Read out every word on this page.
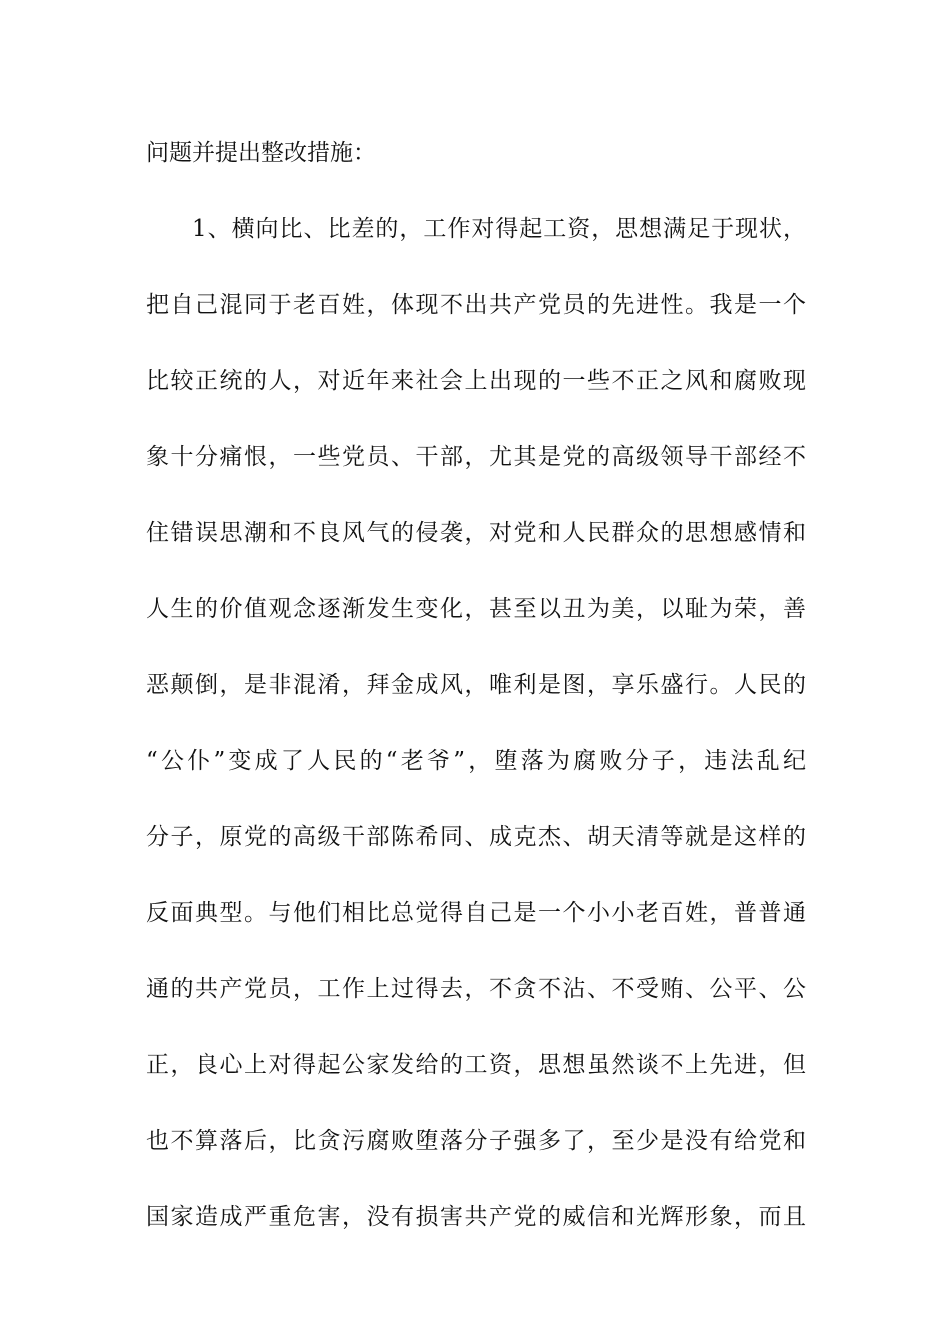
问题并提出整改措施：
1、横向比、比差的，工作对得起工资，思想满足于现状，
把自己混同于老百姓，体现不出共产党员的先进性。我是一个
比较正统的人，对近年来社会上出现的一些不正之风和腐败现
象十分痛恨，一些党员、干部，尤其是党的高级领导干部经不
住错误思潮和不良风气的侵袭，对党和人民群众的思想感情和
人生的价值观念逐渐发生变化，甚至以丑为美，以耻为荣，善
恶颠倒，是非混淆，拜金成风，唯利是图，享乐盛行。人民的
“公仆”变成了人民的“老爷”，堕落为腐败分子，违法乱纪
分子，原党的高级干部陈希同、成克杰、胡天清等就是这样的
反面典型。与他们相比总觉得自己是一个小小老百姓，普普通
通的共产党员，工作上过得去，不贪不沾、不受贿、公平、公
正，良心上对得起公家发给的工资，思想虽然谈不上先进，但
也不算落后，比贪污腐败堕落分子强多了，至少是没有给党和
国家造成严重危害，没有损害共产党的威信和光辉形象，而且
